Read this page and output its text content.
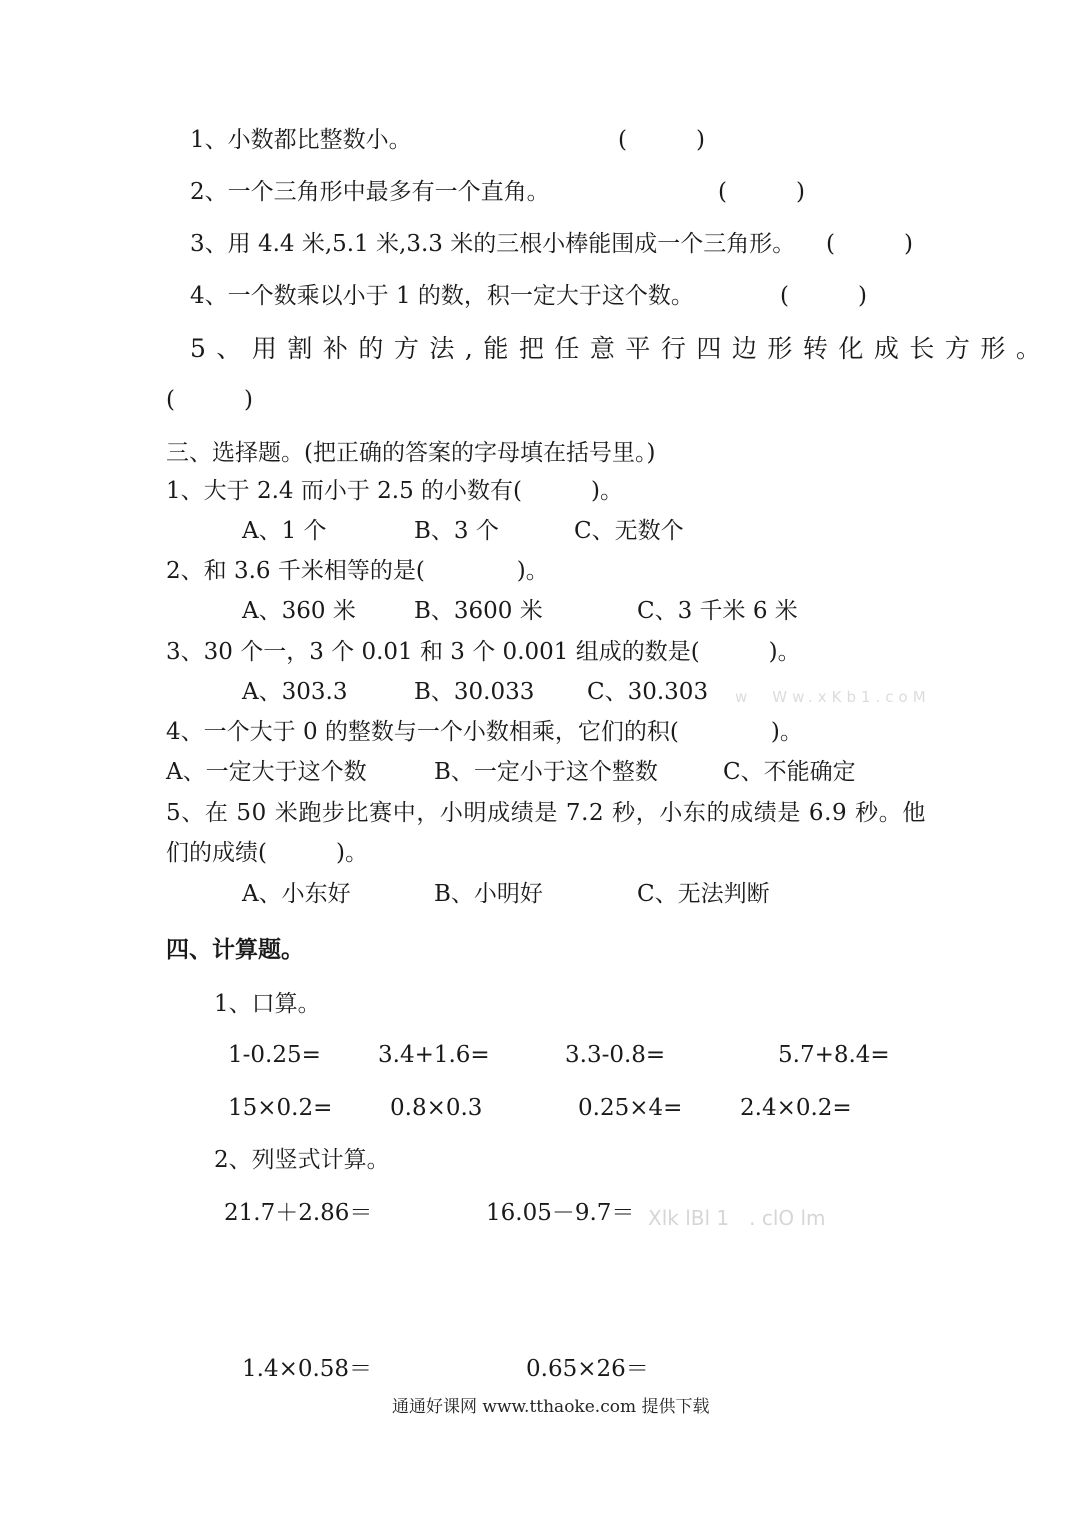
1、小数都比整数小。	(　　　)
2、一个三角形中最多有一个直角。	(　　　)
3、用 4.4 米,5.1 米,3.3 米的三根小棒能围成一个三角形。 (　　　)
4、一个数乘以小于 1 的数，积一定大于这个数。	(　　　)
5、用割补的方法,能把任意平行四边形转化成长方形。
(　　　)
三、选择题。(把正确的答案的字母填在括号里。)
1、大于 2.4 而小于 2.5 的小数有(　　　)。
A、1 个	B、3 个	C、无数个
2、和 3.6 千米相等的是(　　　　)。
A、360 米	B、3600 米	C、3 千米 6 米
3、30 个一，3 个 0.01 和 3 个 0.001 组成的数是(　　　)。
A、303.3	B、30.033 C、30.303 w　Ww.xKb1.coM
4、一个大于 0 的整数与一个小数相乘，它们的积(　　　　)。
A、一定大于这个数	B、一定小于这个整数	C、不能确定
5、在 50 米跑步比赛中，小明成绩是 7.2 秒，小东的成绩是 6.9 秒。他
们的成绩(　　　)。
A、小东好	B、小明好	C、无法判断
四、计算题。
1、口算。
1-0.25= 3.4+1.6=	3.3-0.8=	5.7+8.4=
15×0.2=	0.8×0.3	0.25×4=	2.4×0.2=
2、列竖式计算。
21.7＋2.86＝	16.05－9.7＝ Xlk lBl 1　. clO lm
1.4×0.58＝	0.65×26＝
通通好课网 www.tthaoke.com 提供下载
